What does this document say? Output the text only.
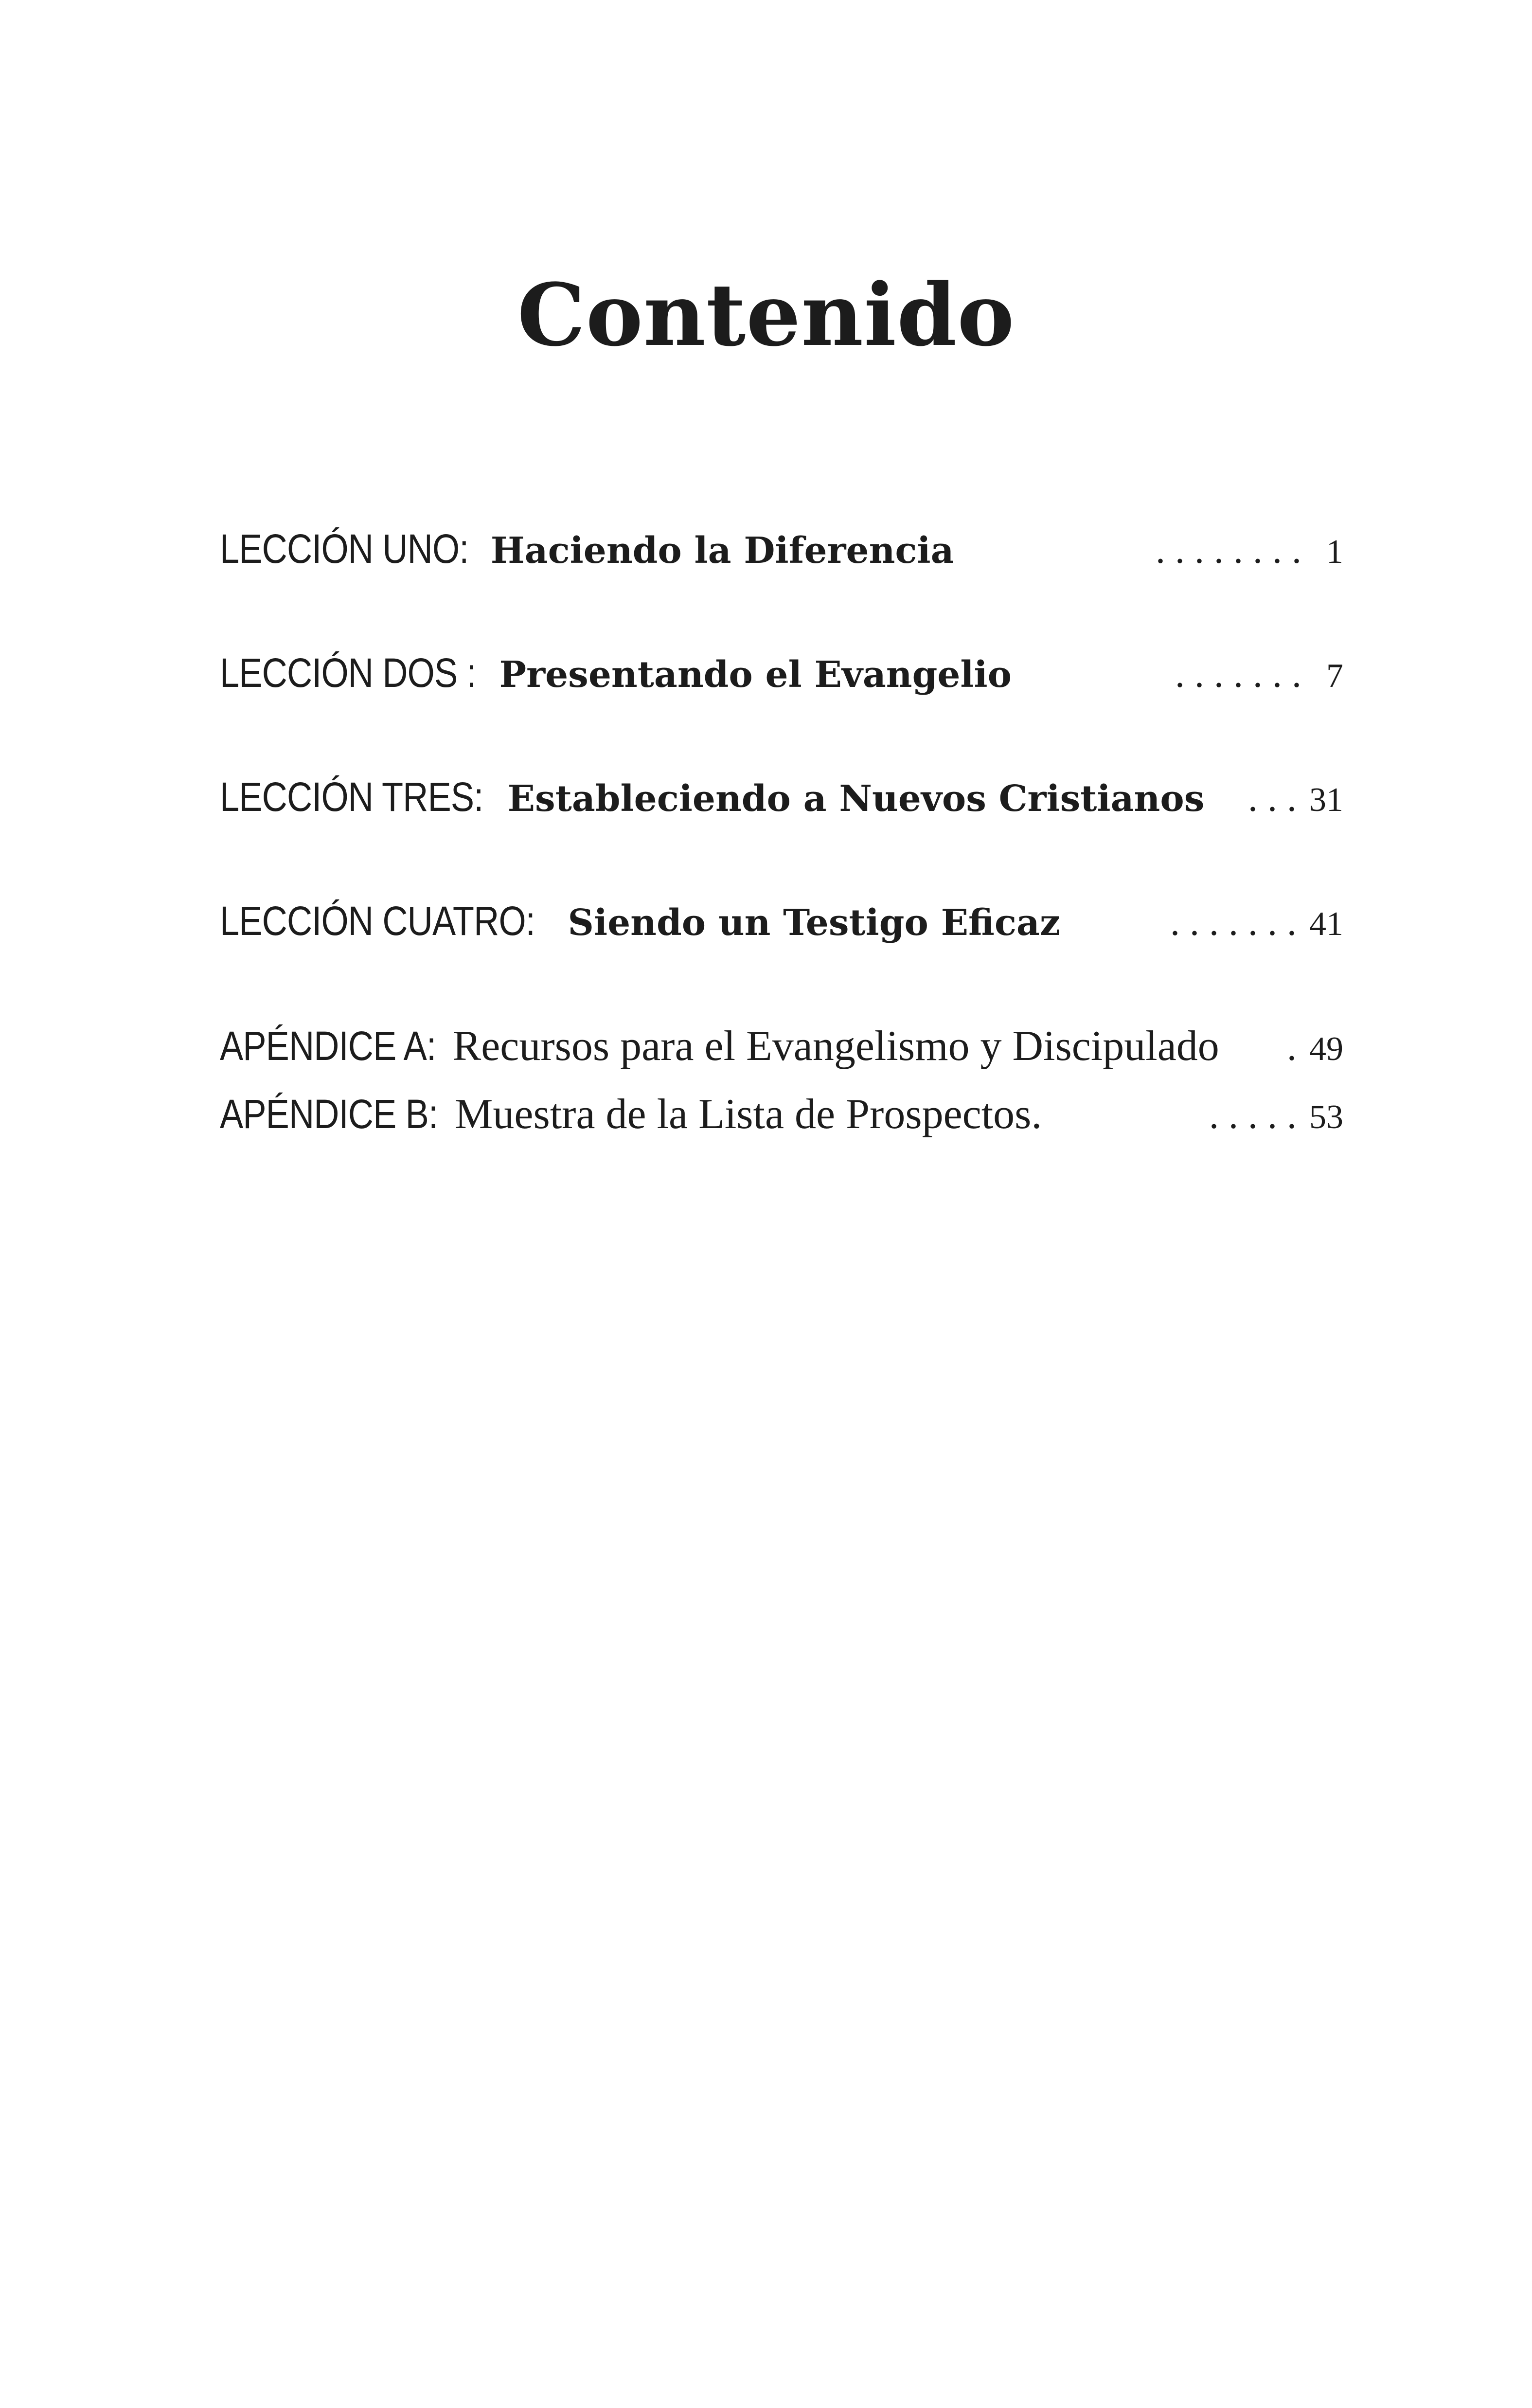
Contenido
LECCIÓN UNO: Haciendo la Diferencia	. . . . . . . . 1
LECCIÓN DOS : Presentando el Evangelio	. . . . . . . 7
LECCIÓN TRES: Estableciendo a Nuevos Cristianos	. . . 31
LECCIÓN CUATRO: Siendo un Testigo Eficaz	. . . . . . . 41
APÉNDICE A: Recursos para el Evangelismo y Discipulado	. 49
APÉNDICE B: Muestra de la Lista de Prospectos.	. . . . . 53
